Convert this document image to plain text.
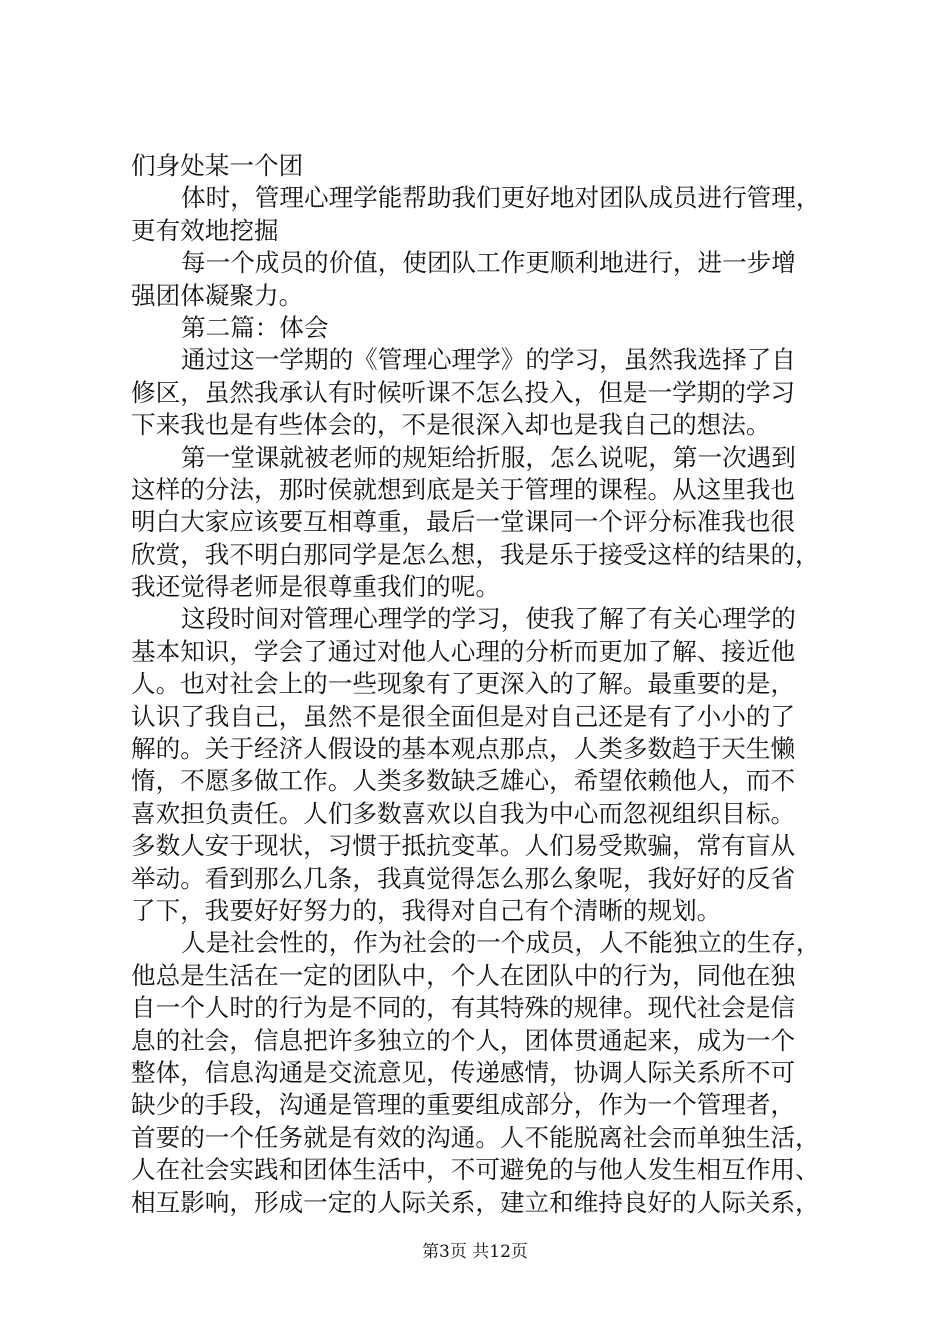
们身处某一个团
体时，管理心理学能帮助我们更好地对团队成员进行管理，
更有效地挖掘
每一个成员的价值，使团队工作更顺利地进行，进一步增
强团体凝聚力。
第二篇：体会
通过这一学期的《管理心理学》的学习，虽然我选择了自
修区，虽然我承认有时候听课不怎么投入，但是一学期的学习
下来我也是有些体会的，不是很深入却也是我自己的想法。
第一堂课就被老师的规矩给折服，怎么说呢，第一次遇到
这样的分法，那时侯就想到底是关于管理的课程。从这里我也
明白大家应该要互相尊重，最后一堂课同一个评分标准我也很
欣赏，我不明白那同学是怎么想，我是乐于接受这样的结果的，
我还觉得老师是很尊重我们的呢。
这段时间对管理心理学的学习，使我了解了有关心理学的
基本知识，学会了通过对他人心理的分析而更加了解、接近他
人。也对社会上的一些现象有了更深入的了解。最重要的是，
认识了我自己，虽然不是很全面但是对自己还是有了小小的了
解的。关于经济人假设的基本观点那点，人类多数趋于天生懒
惰，不愿多做工作。人类多数缺乏雄心，希望依赖他人，而不
喜欢担负责任。人们多数喜欢以自我为中心而忽视组织目标。
多数人安于现状，习惯于抵抗变革。人们易受欺骗，常有盲从
举动。看到那么几条，我真觉得怎么那么象呢，我好好的反省
了下，我要好好努力的，我得对自己有个清晰的规划。
人是社会性的，作为社会的一个成员，人不能独立的生存，
他总是生活在一定的团队中，个人在团队中的行为，同他在独
自一个人时的行为是不同的，有其特殊的规律。现代社会是信
息的社会，信息把许多独立的个人，团体贯通起来，成为一个
整体，信息沟通是交流意见，传递感情，协调人际关系所不可
缺少的手段，沟通是管理的重要组成部分，作为一个管理者，
首要的一个任务就是有效的沟通。人不能脱离社会而单独生活，
人在社会实践和团体生活中，不可避免的与他人发生相互作用、
相互影响，形成一定的人际关系，建立和维持良好的人际关系，
第3页 共12页
